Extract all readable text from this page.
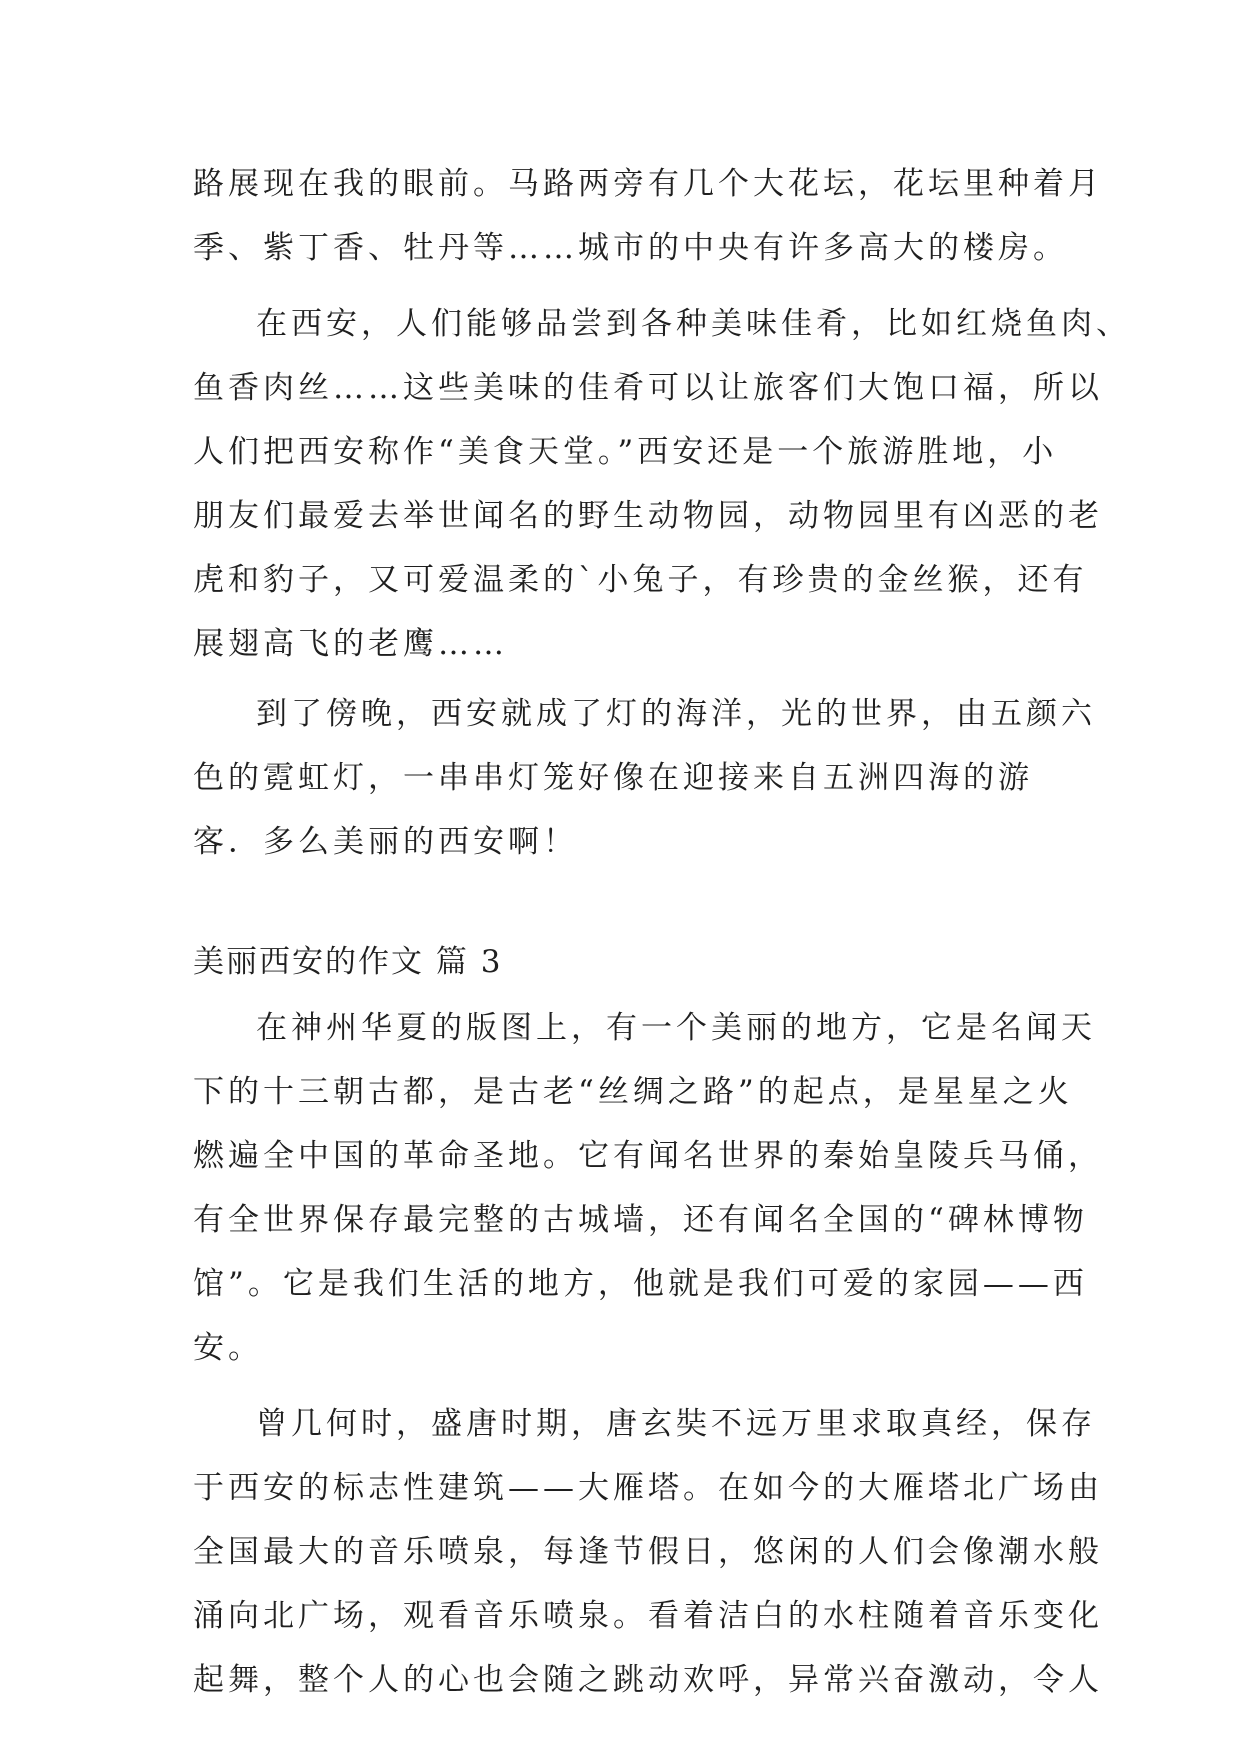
路展现在我的眼前。马路两旁有几个大花坛，花坛里种着月
季、紫丁香、牡丹等……城市的中央有许多高大的楼房。
在西安，人们能够品尝到各种美味佳肴，比如红烧鱼肉、
鱼香肉丝……这些美味的佳肴可以让旅客们大饱口福，所以
人们把西安称作“美食天堂。”西安还是一个旅游胜地，小
朋友们最爱去举世闻名的野生动物园，动物园里有凶恶的老
虎和豹子，又可爱温柔的`小兔子，有珍贵的金丝猴，还有
展翅高飞的老鹰……
到了傍晚，西安就成了灯的海洋，光的世界，由五颜六
色的霓虹灯，一串串灯笼好像在迎接来自五洲四海的游
客．多么美丽的西安啊！
美丽西安的作文 篇 3
在神州华夏的版图上，有一个美丽的地方，它是名闻天
下的十三朝古都，是古老“丝绸之路”的起点，是星星之火
燃遍全中国的革命圣地。它有闻名世界的秦始皇陵兵马俑，
有全世界保存最完整的古城墙，还有闻名全国的“碑林博物
馆”。它是我们生活的地方，他就是我们可爱的家园——西
安。
曾几何时，盛唐时期，唐玄奘不远万里求取真经，保存
于西安的标志性建筑——大雁塔。在如今的大雁塔北广场由
全国最大的音乐喷泉，每逢节假日，悠闲的人们会像潮水般
涌向北广场，观看音乐喷泉。看着洁白的水柱随着音乐变化
起舞，整个人的心也会随之跳动欢呼，异常兴奋激动，令人
